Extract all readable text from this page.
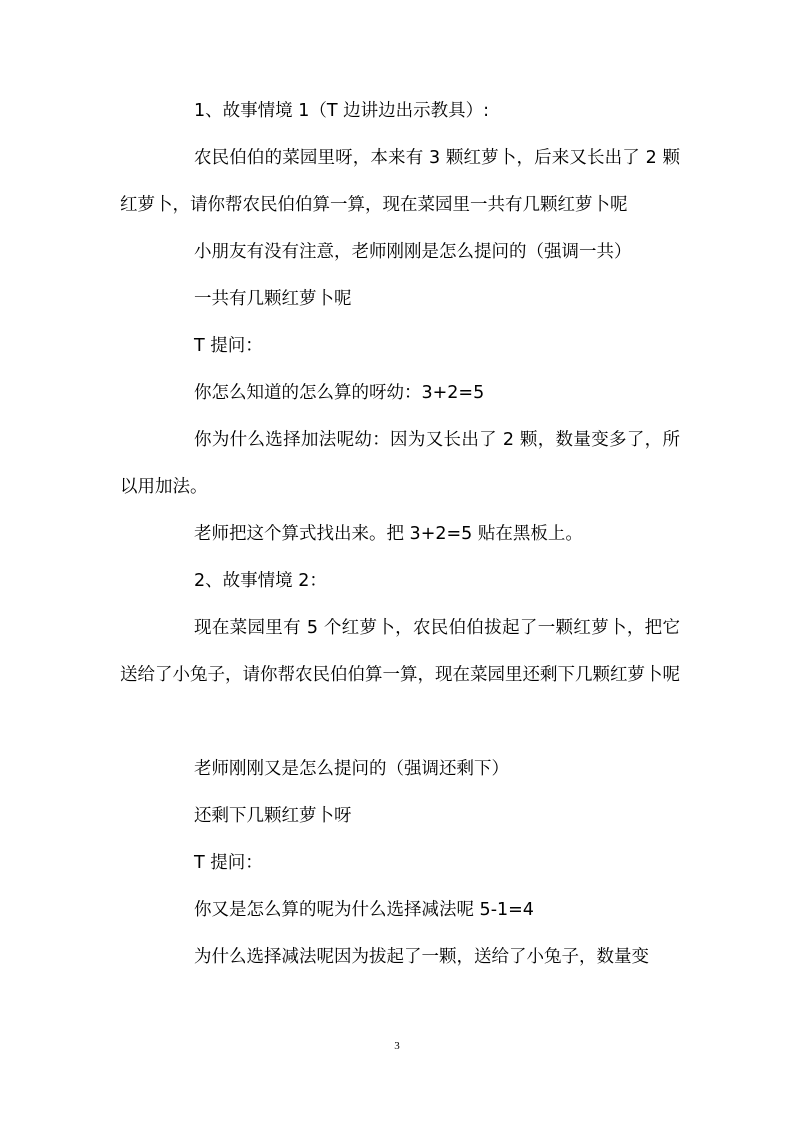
1、故事情境 1（T 边讲边出示教具）:

农民伯伯的菜园里呀，本来有 3 颗红萝卜，后来又长出了 2 颗红萝卜，请你帮农民伯伯算一算，现在菜园里一共有几颗红萝卜呢

小朋友有没有注意，老师刚刚是怎么提问的（强调一共）

一共有几颗红萝卜呢

T 提问：

你怎么知道的怎么算的呀幼：3+2=5

你为什么选择加法呢幼：因为又长出了 2 颗，数量变多了，所以用加法。

老师把这个算式找出来。把 3+2=5 贴在黑板上。

2、故事情境 2：

现在菜园里有 5 个红萝卜，农民伯伯拔起了一颗红萝卜，把它送给了小兔子，请你帮农民伯伯算一算，现在菜园里还剩下几颗红萝卜呢

老师刚刚又是怎么提问的（强调还剩下）

还剩下几颗红萝卜呀

T 提问：

你又是怎么算的呢为什么选择减法呢 5-1=4

为什么选择减法呢因为拔起了一颗，送给了小兔子，数量变

3
